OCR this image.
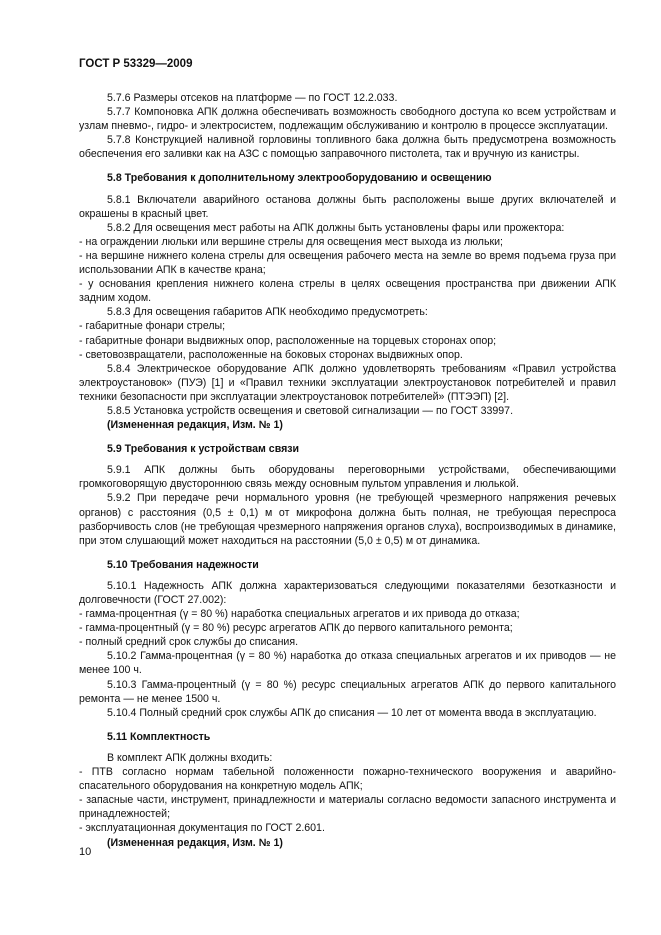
ГОСТ Р 53329—2009

5.7.6 Размеры отсеков на платформе — по ГОСТ 12.2.033.

5.7.7 Компоновка АПК должна обеспечивать возможность свободного доступа ко всем устройствам и узлам пневмо-, гидро- и электросистем, подлежащим обслуживанию и контролю в процессе эксплуатации.

5.7.8 Конструкцией наливной горловины топливного бака должна быть предусмотрена возможность обеспечения его заливки как на АЗС с помощью заправочного пистолета, так и вручную из канистры.

5.8 Требования к дополнительному электрооборудованию и освещению

5.8.1 Включатели аварийного останова должны быть расположены выше других включателей и окрашены в красный цвет.

5.8.2 Для освещения мест работы на АПК должны быть установлены фары или прожектора:

- на ограждении люльки или вершине стрелы для освещения мест выхода из люльки;

- на вершине нижнего колена стрелы для освещения рабочего места на земле во время подъема груза при использовании АПК в качестве крана;

- у основания крепления нижнего колена стрелы в целях освещения пространства при движении АПК задним ходом.

5.8.3 Для освещения габаритов АПК необходимо предусмотреть:

- габаритные фонари стрелы;

- габаритные фонари выдвижных опор, расположенные на торцевых сторонах опор;

- световозвращатели, расположенные на боковых сторонах выдвижных опор.

5.8.4 Электрическое оборудование АПК должно удовлетворять требованиям «Правил устройства электроустановок» (ПУЭ) [1] и «Правил техники эксплуатации электроустановок потребителей и правил техники безопасности при эксплуатации электроустановок потребителей» (ПТЭЭП) [2].

5.8.5 Установка устройств освещения и световой сигнализации — по ГОСТ 33997.

(Измененная редакция, Изм. № 1)

5.9 Требования к устройствам связи

5.9.1 АПК должны быть оборудованы переговорными устройствами, обеспечивающими громкоговорящую двустороннюю связь между основным пультом управления и люлькой.

5.9.2 При передаче речи нормального уровня (не требующей чрезмерного напряжения речевых органов) с расстояния (0,5 ± 0,1) м от микрофона должна быть полная, не требующая переспроса разборчивость слов (не требующая чрезмерного напряжения органов слуха), воспроизводимых в динамике, при этом слушающий может находиться на расстоянии (5,0 ± 0,5) м от динамика.

5.10 Требования надежности

5.10.1 Надежность АПК должна характеризоваться следующими показателями безотказности и долговечности (ГОСТ 27.002):

- гамма-процентная (γ = 80 %) наработка специальных агрегатов и их привода до отказа;

- гамма-процентный (γ = 80 %) ресурс агрегатов АПК до первого капитального ремонта;

- полный средний срок службы до списания.

5.10.2 Гамма-процентная (γ = 80 %) наработка до отказа специальных агрегатов и их приводов — не менее 100 ч.

5.10.3 Гамма-процентный (γ = 80 %) ресурс специальных агрегатов АПК до первого капитального ремонта — не менее 1500 ч.

5.10.4 Полный средний срок службы АПК до списания — 10 лет от момента ввода в эксплуатацию.

5.11 Комплектность

В комплект АПК должны входить:

- ПТВ согласно нормам табельной положенности пожарно-технического вооружения и аварийно-спасательного оборудования на конкретную модель АПК;

- запасные части, инструмент, принадлежности и материалы согласно ведомости запасного инструмента и принадлежностей;

- эксплуатационная документация по ГОСТ 2.601.

(Измененная редакция, Изм. № 1)

10
